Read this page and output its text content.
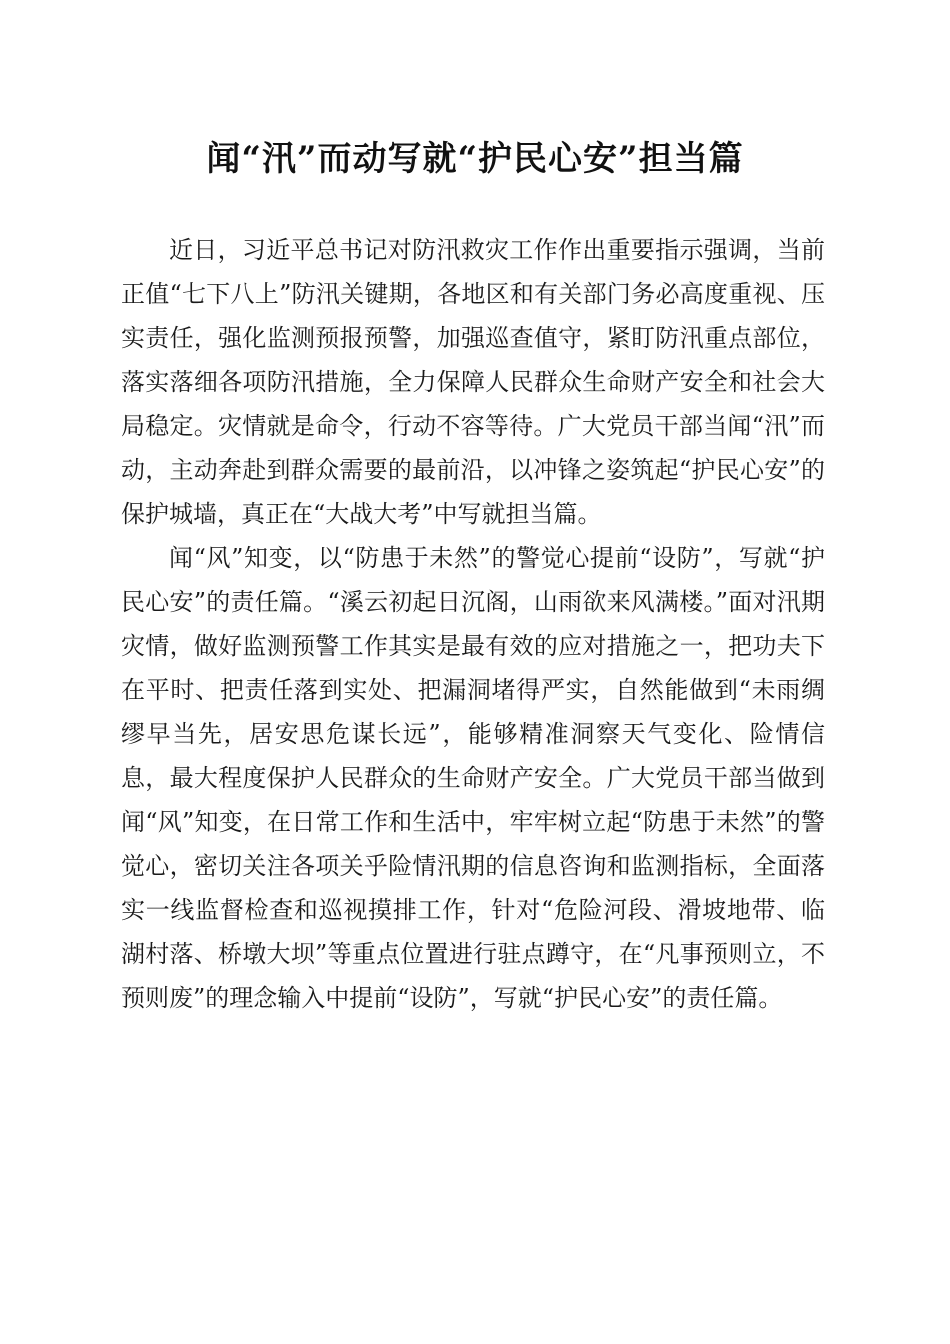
闻“汛”而动写就“护民心安”担当篇

近日，习近平总书记对防汛救灾工作作出重要指示强调，当前正值“七下八上”防汛关键期，各地区和有关部门务必高度重视、压实责任，强化监测预报预警，加强巡查值守，紧盯防汛重点部位，落实落细各项防汛措施，全力保障人民群众生命财产安全和社会大局稳定。灾情就是命令，行动不容等待。广大党员干部当闻“汛”而动，主动奔赴到群众需要的最前沿，以冲锋之姿筑起“护民心安”的保护城墙，真正在“大战大考”中写就担当篇。

闻“风”知变，以“防患于未然”的警觉心提前“设防”，写就“护民心安”的责任篇。“溪云初起日沉阁，山雨欲来风满楼。”面对汛期灾情，做好监测预警工作其实是最有效的应对措施之一，把功夫下在平时、把责任落到实处、把漏洞堵得严实，自然能做到“未雨绸缪早当先，居安思危谋长远”，能够精准洞察天气变化、险情信息，最大程度保护人民群众的生命财产安全。广大党员干部当做到闻“风”知变，在日常工作和生活中，牢牢树立起“防患于未然”的警觉心，密切关注各项关乎险情汛期的信息咨询和监测指标，全面落实一线监督检查和巡视摸排工作，针对“危险河段、滑坡地带、临湖村落、桥墩大坝”等重点位置进行驻点蹲守，在“凡事预则立，不预则废”的理念输入中提前“设防”，写就“护民心安”的责任篇。
